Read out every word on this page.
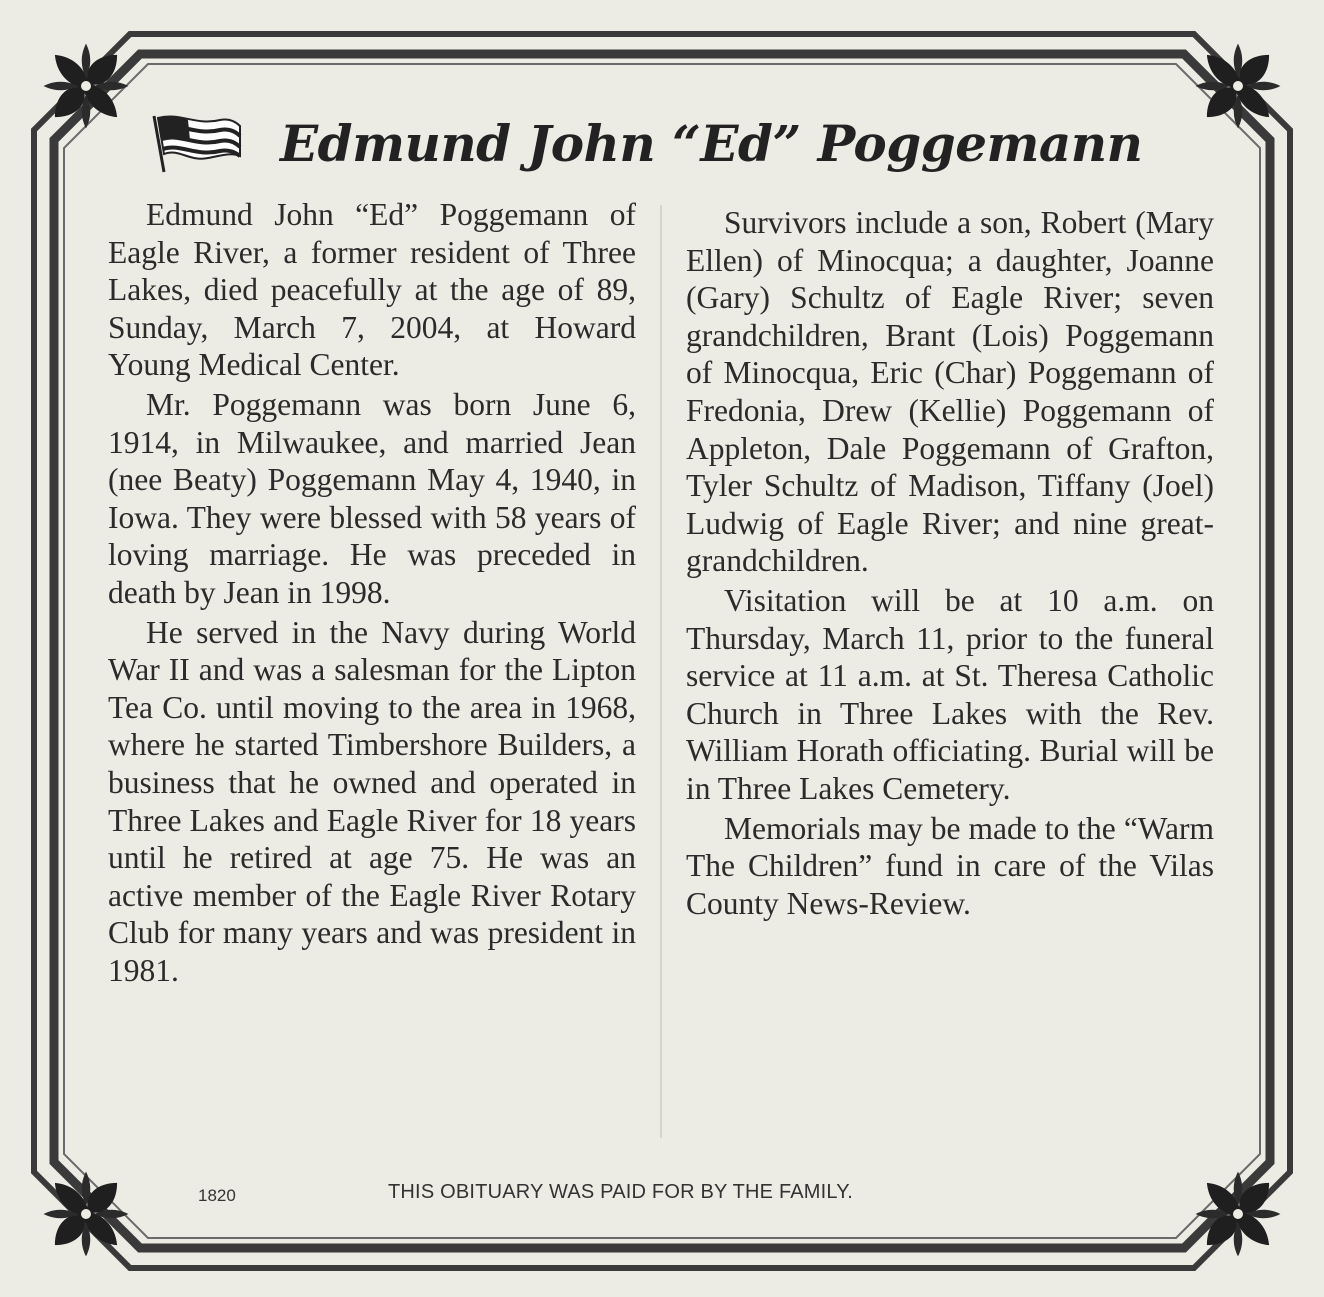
Edmund John “Ed” Poggemann

Edmund John “Ed” Poggemann of Eagle River, a former resident of Three Lakes, died peacefully at the age of 89, Sunday, March 7, 2004, at Howard Young Medical Center.

Mr. Poggemann was born June 6, 1914, in Milwaukee, and married Jean (nee Beaty) Poggemann May 4, 1940, in Iowa. They were blessed with 58 years of loving marriage. He was preceded in death by Jean in 1998.

He served in the Navy during World War II and was a salesman for the Lipton Tea Co. until moving to the area in 1968, where he started Timbershore Builders, a business that he owned and operated in Three Lakes and Eagle River for 18 years until he retired at age 75. He was an active member of the Eagle River Rotary Club for many years and was president in 1981.

Survivors include a son, Robert (Mary Ellen) of Minocqua; a daughter, Joanne (Gary) Schultz of Eagle River; seven grandchildren, Brant (Lois) Poggemann of Minocqua, Eric (Char) Poggemann of Fredonia, Drew (Kellie) Poggemann of Appleton, Dale Poggemann of Grafton, Tyler Schultz of Madison, Tiffany (Joel) Ludwig of Eagle River; and nine great-grandchildren.

Visitation will be at 10 a.m. on Thursday, March 11, prior to the funeral service at 11 a.m. at St. Theresa Catholic Church in Three Lakes with the Rev. William Horath officiating. Burial will be in Three Lakes Cemetery.

Memorials may be made to the “Warm The Children” fund in care of the Vilas County News-Review.

1820	THIS OBITUARY WAS PAID FOR BY THE FAMILY.
